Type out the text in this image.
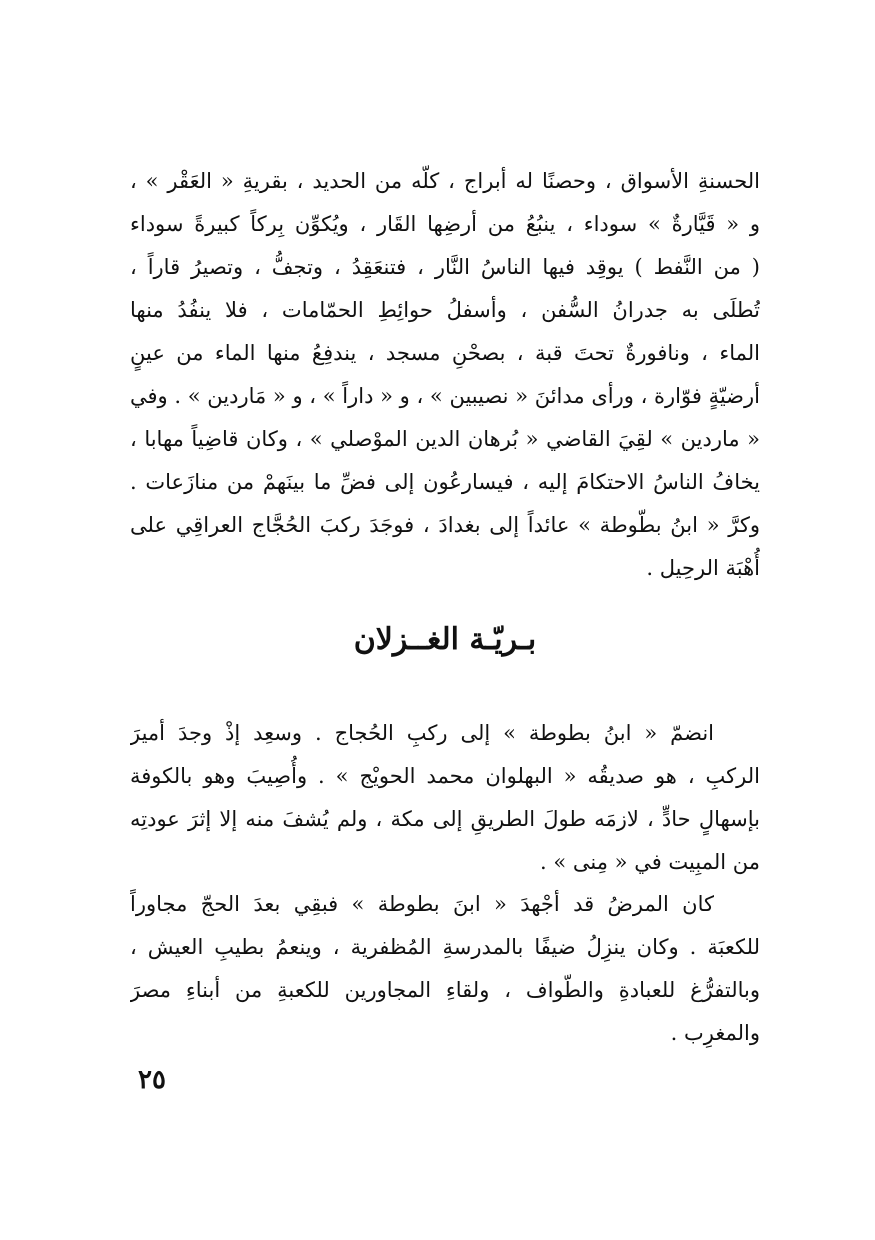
الحسنةِ الأسواق ، وحصنًا له أبراج ، كلّه من الحديد ، بقريةِ « العَقْر » ،
و « قَيَّارةٌ » سوداء ، ينبُعُ من أرضِها القَار ، ويُكوِّن بِركاً كبيرةً سوداء
( من النَّفط ) يوقِد فيها الناسُ النَّار ، فتنعَقِدُ ، وتجفُّ ، وتصيرُ قاراً ،
تُطلَى به جدرانُ السُّفن ، وأسفلُ حوائِطِ الحمّامات ، فلا ينفُدُ منها
الماء ، ونافورةٌ تحتَ قبة ، بصحْنِ مسجد ، يندفِعُ منها الماء من عينٍ
أرضيّةٍ فوّارة ، ورأى مدائنَ « نصيبين » ، و « داراً » ، و « مَاردين » . وفي
« ماردين » لقِيَ القاضي « بُرهان الدين الموْصلي » ، وكان قاضِياً مهابا ،
يخافُ الناسُ الاحتكامَ إليه ، فيسارعُون إلى فضِّ ما بينَهمْ من منازَعات .
وكرَّ « ابنُ بطّوطة » عائداً إلى بغدادَ ، فوجَدَ ركبَ الحُجَّاج العراقِي على
أُهْبَة الرحِيل .
بـريّـة الغــزلان
انضمّ « ابنُ بطوطة » إلى ركبِ الحُجاج . وسعِد إذْ وجدَ أميرَ
الركبِ ، هو صديقُه « البهلوان محمد الحويْج » . وأُصِيبَ وهو بالكوفة
بإسهالٍ حادٍّ ، لازمَه طولَ الطريقِ إلى مكة ، ولم يُشفَ منه إلا إثرَ عودتِه
من المبِيت في « مِنى » .
كان المرضُ قد أجْهدَ « ابنَ بطوطة » فبقِي بعدَ الحجّ مجاوراً
للكعبَة . وكان ينزِلُ ضيفًا بالمدرسةِ المُظفرية ، وينعمُ بطيبِ العيش ،
وبالتفرُّغ للعبادةِ والطّواف ، ولقاءِ المجاورين للكعبةِ من أبناءِ مصرَ
والمغرِب .
٢٥
